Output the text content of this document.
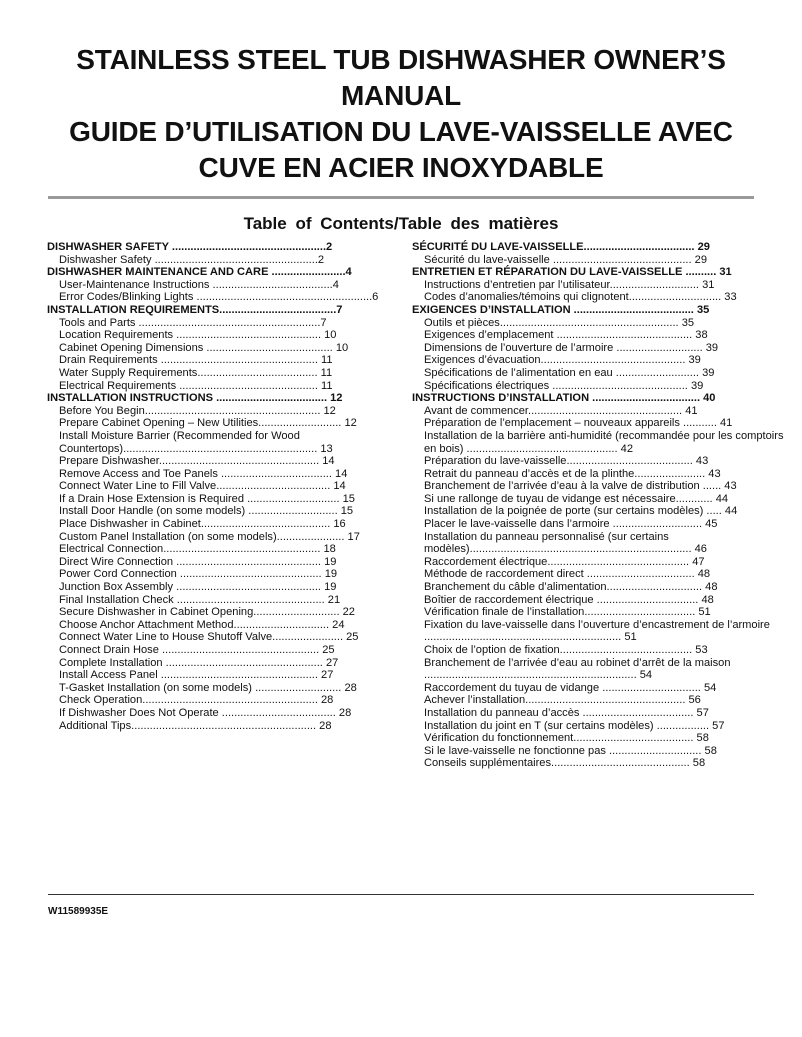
STAINLESS STEEL TUB DISHWASHER OWNER’S
MANUAL
GUIDE D’UTILISATION DU LAVE-VAISSELLE AVEC
CUVE EN ACIER INOXYDABLE
Table of Contents/Table des matières
DISHWASHER SAFETY ..................................................2
Dishwasher Safety .....................................................2
DISHWASHER MAINTENANCE AND CARE ........................4
User-Maintenance Instructions .......................................4
Error Codes/Blinking Lights .........................................................6
INSTALLATION REQUIREMENTS......................................7
Tools and Parts ...........................................................7
Location Requirements ............................................... 10
Cabinet Opening Dimensions ......................................... 10
Drain Requirements ................................................... 11
Water Supply Requirements....................................... 11
Electrical Requirements ............................................. 11
INSTALLATION INSTRUCTIONS .................................... 12
Before You Begin......................................................... 12
Prepare Cabinet Opening – New Utilities........................... 12
Install Moisture Barrier (Recommended for Wood Countertops)............................................................... 13
Prepare Dishwasher.................................................... 14
Remove Access and Toe Panels .................................... 14
Connect Water Line to Fill Valve..................................... 14
If a Drain Hose Extension is Required .............................. 15
Install Door Handle (on some models) ............................. 15
Place Dishwasher in Cabinet.......................................... 16
Custom Panel Installation (on some models)...................... 17
Electrical Connection................................................... 18
Direct Wire Connection ............................................... 19
Power Cord Connection .............................................. 19
Junction Box Assembly ............................................... 19
Final Installation Check ................................................ 21
Secure Dishwasher in Cabinet Opening............................ 22
Choose Anchor Attachment Method............................... 24
Connect Water Line to House Shutoff Valve....................... 25
Connect Drain Hose ................................................... 25
Complete Installation ................................................... 27
Install Access Panel ................................................... 27
T-Gasket Installation (on some models) ............................ 28
Check Operation......................................................... 28
If Dishwasher Does Not Operate ..................................... 28
Additional Tips............................................................ 28
SÉCURITÉ DU LAVE-VAISSELLE.................................... 29
Sécurité du lave-vaisselle ............................................. 29
ENTRETIEN ET RÉPARATION DU LAVE-VAISSELLE .......... 31
Instructions d’entretien par l’utilisateur............................. 31
Codes d’anomalies/témoins qui clignotent.............................. 33
EXIGENCES D’INSTALLATION ....................................... 35
Outils et pièces.......................................................... 35
Exigences d’emplacement ............................................ 38
Dimensions de l’ouverture de l’armoire ............................ 39
Exigences d’évacuation............................................... 39
Spécifications de l’alimentation en eau ........................... 39
Spécifications électriques ............................................ 39
INSTRUCTIONS D’INSTALLATION ................................... 40
Avant de commencer.................................................. 41
Préparation de l’emplacement – nouveaux appareils ........... 41
Installation de la barrière anti-humidité (recommandée pour les comptoirs en bois) ................................................. 42
Préparation du lave-vaisselle......................................... 43
Retrait du panneau d’accès et de la plinthe....................... 43
Branchement de l’arrivée d’eau à la valve de distribution ...... 43
Si une rallonge de tuyau de vidange est nécessaire............ 44
Installation de la poignée de porte (sur certains modèles) ..... 44
Placer le lave-vaisselle dans l’armoire ............................. 45
Installation du panneau personnalisé (sur certains modèles)........................................................................ 46
Raccordement électrique.............................................. 47
Méthode de raccordement direct ................................... 48
Branchement du câble d’alimentation............................... 48
Boîtier de raccordement électrique ................................. 48
Vérification finale de l’installation.................................... 51
Fixation du lave-vaisselle dans l’ouverture d’encastrement de l’armoire ................................................................ 51
Choix de l’option de fixation........................................... 53
Branchement de l’arrivée d’eau au robinet d’arrêt de la maison ..................................................................... 54
Raccordement du tuyau de vidange ................................ 54
Achever l’installation.................................................... 56
Installation du panneau d’accès .................................... 57
Installation du joint en T (sur certains modèles) ................. 57
Vérification du fonctionnement....................................... 58
Si le lave-vaisselle ne fonctionne pas .............................. 58
Conseils supplémentaires............................................. 58
W11589935E
